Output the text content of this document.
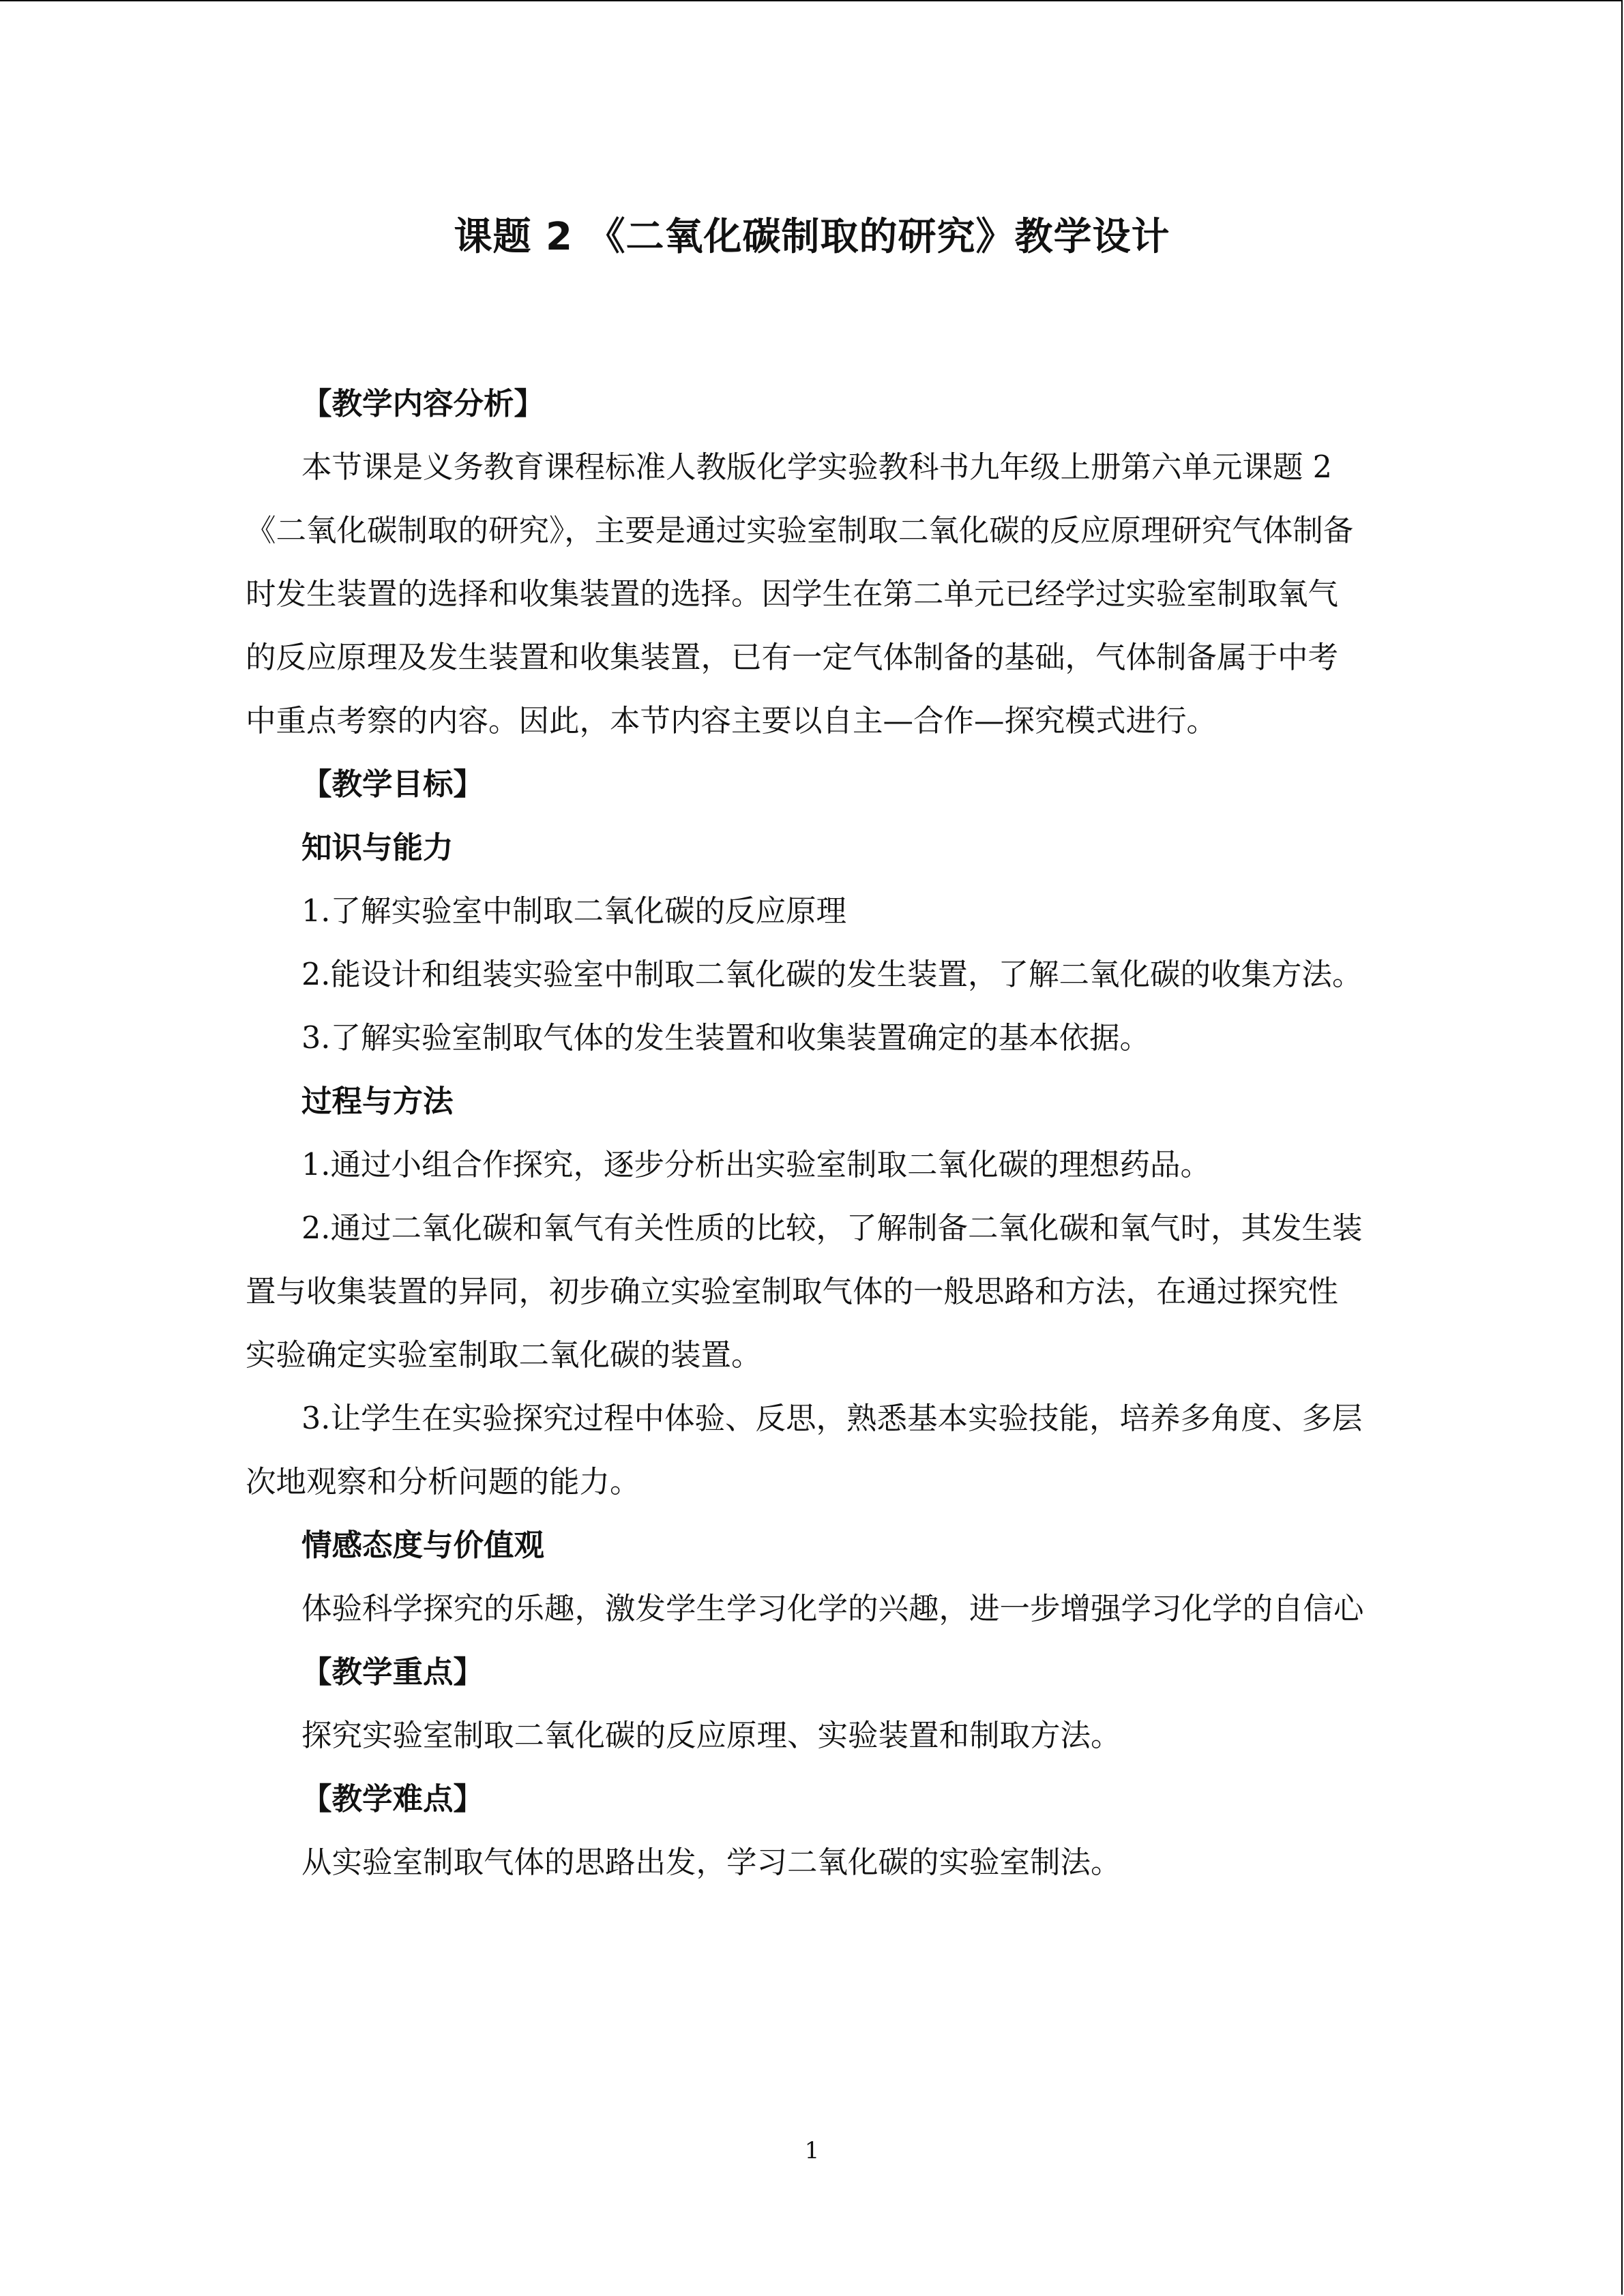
课题 2 《二氧化碳制取的研究》教学设计

【教学内容分析】

本节课是义务教育课程标准人教版化学实验教科书九年级上册第六单元课题 2《二氧化碳制取的研究》，主要是通过实验室制取二氧化碳的反应原理研究气体制备时发生装置的选择和收集装置的选择。因学生在第二单元已经学过实验室制取氧气的反应原理及发生装置和收集装置，已有一定气体制备的基础，气体制备属于中考中重点考察的内容。因此，本节内容主要以自主—合作—探究模式进行。

【教学目标】

知识与能力

1.了解实验室中制取二氧化碳的反应原理

2.能设计和组装实验室中制取二氧化碳的发生装置，了解二氧化碳的收集方法。

3.了解实验室制取气体的发生装置和收集装置确定的基本依据。

过程与方法

1.通过小组合作探究，逐步分析出实验室制取二氧化碳的理想药品。

2.通过二氧化碳和氧气有关性质的比较，了解制备二氧化碳和氧气时，其发生装置与收集装置的异同，初步确立实验室制取气体的一般思路和方法，在通过探究性实验确定实验室制取二氧化碳的装置。

3.让学生在实验探究过程中体验、反思，熟悉基本实验技能，培养多角度、多层次地观察和分析问题的能力。

情感态度与价值观

体验科学探究的乐趣，激发学生学习化学的兴趣，进一步增强学习化学的自信心

【教学重点】

探究实验室制取二氧化碳的反应原理、实验装置和制取方法。

【教学难点】

从实验室制取气体的思路出发，学习二氧化碳的实验室制法。

1
